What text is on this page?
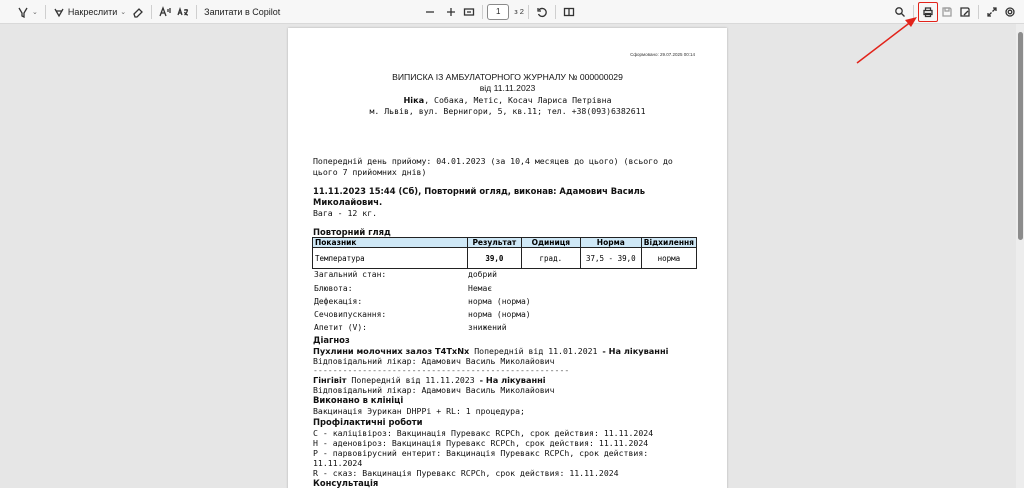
⌄	Накреслити ⌄	Запитати в Copilot	1	з 2
Сформовано: 29.07.2025 00:14
ВИПИСКА ІЗ АМБУЛАТОРНОГО ЖУРНАЛУ № 000000029
від 11.11.2023
Ніка, Собака, Метіс, Косач Лариса Петрівна
м. Львів, вул. Вернигори, 5, кв.11; тел. +38(093)6382611
Попередній день прийому: 04.01.2023 (за 10,4 месяцев до цього) (всього до
цього 7 прийомних днів)
11.11.2023 15:44 (Сб), Повторний огляд, виконав: Адамович Василь
Миколайович.
Вага - 12 кг.
Повторний гляд
Показник	Результат	Одиниця	Норма	Відхилення
Температура	39,0	град.	37,5 - 39,0	норма
Загальний стан:	добрий
Блювота:	Немає
Дефекація:	норма (норма)
Сечовипускання:	норма (норма)
Апетит (V):	знижений
Діагноз
Пухлини молочних залоз T4TxNx Попередній від 11.01.2021 - На лікуванні
Відповідальний лікар: Адамович Василь Миколайович
----------------------------------------------------
Гінгівіт Попередній від 11.11.2023 - На лікуванні
Відповідальний лікар: Адамович Василь Миколайович
Виконано в клініці
Вакцинація Эурикан DHPPi + RL: 1 процедура;
Профілактичні роботи
С - каліцівіроз: Вакцинація Пуревакс RCPCh, срок действия: 11.11.2024
Н - аденовіроз: Вакцинація Пуревакс RCPCh, срок действия: 11.11.2024
Р - парвовірусний ентерит: Вакцинація Пуревакс RCPCh, срок действия:
11.11.2024
R - сказ: Вакцинація Пуревакс RCPCh, срок действия: 11.11.2024
Консультація
